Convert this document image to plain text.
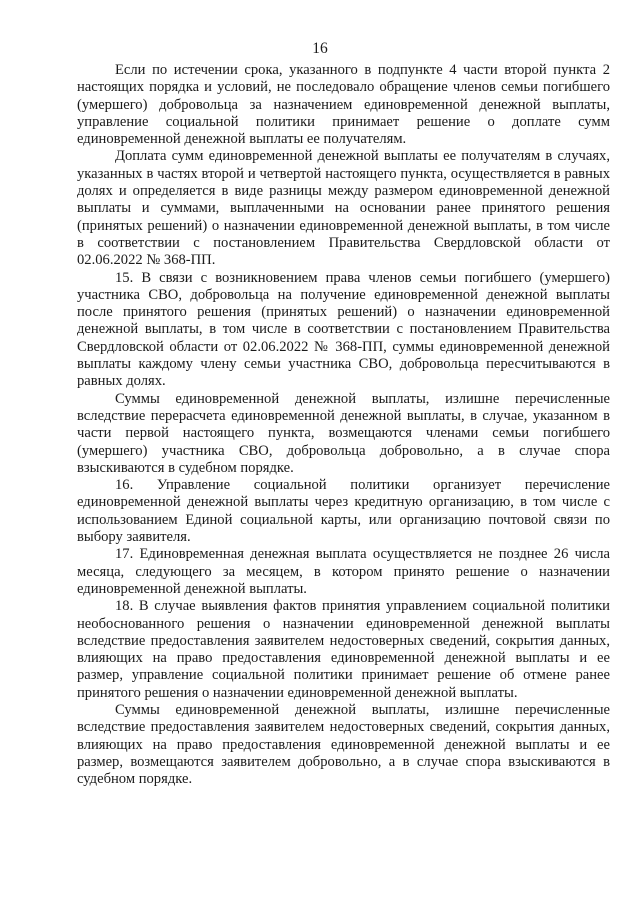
16

Если по истечении срока, указанного в подпункте 4 части второй пункта 2 настоящих порядка и условий, не последовало обращение членов семьи погибшего (умершего) добровольца за назначением единовременной денежной выплаты, управление социальной политики принимает решение о доплате сумм единовременной денежной выплаты ее получателям.

Доплата сумм единовременной денежной выплаты ее получателям в случаях, указанных в частях второй и четвертой настоящего пункта, осуществляется в равных долях и определяется в виде разницы между размером единовременной денежной выплаты и суммами, выплаченными на основании ранее принятого решения (принятых решений) о назначении единовременной денежной выплаты, в том числе в соответствии с постановлением Правительства Свердловской области от 02.06.2022 № 368-ПП.

15. В связи с возникновением права членов семьи погибшего (умершего) участника СВО, добровольца на получение единовременной денежной выплаты после принятого решения (принятых решений) о назначении единовременной денежной выплаты, в том числе в соответствии с постановлением Правительства Свердловской области от 02.06.2022 № 368-ПП, суммы единовременной денежной выплаты каждому члену семьи участника СВО, добровольца пересчитываются в равных долях.

Суммы единовременной денежной выплаты, излишне перечисленные вследствие перерасчета единовременной денежной выплаты, в случае, указанном в части первой настоящего пункта, возмещаются членами семьи погибшего (умершего) участника СВО, добровольца добровольно, а в случае спора взыскиваются в судебном порядке.

16. Управление социальной политики организует перечисление единовременной денежной выплаты через кредитную организацию, в том числе с использованием Единой социальной карты, или организацию почтовой связи по выбору заявителя.

17. Единовременная денежная выплата осуществляется не позднее 26 числа месяца, следующего за месяцем, в котором принято решение о назначении единовременной денежной выплаты.

18. В случае выявления фактов принятия управлением социальной политики необоснованного решения о назначении единовременной денежной выплаты вследствие предоставления заявителем недостоверных сведений, сокрытия данных, влияющих на право предоставления единовременной денежной выплаты и ее размер, управление социальной политики принимает решение об отмене ранее принятого решения о назначении единовременной денежной выплаты.

Суммы единовременной денежной выплаты, излишне перечисленные вследствие предоставления заявителем недостоверных сведений, сокрытия данных, влияющих на право предоставления единовременной денежной выплаты и ее размер, возмещаются заявителем добровольно, а в случае спора взыскиваются в судебном порядке.
